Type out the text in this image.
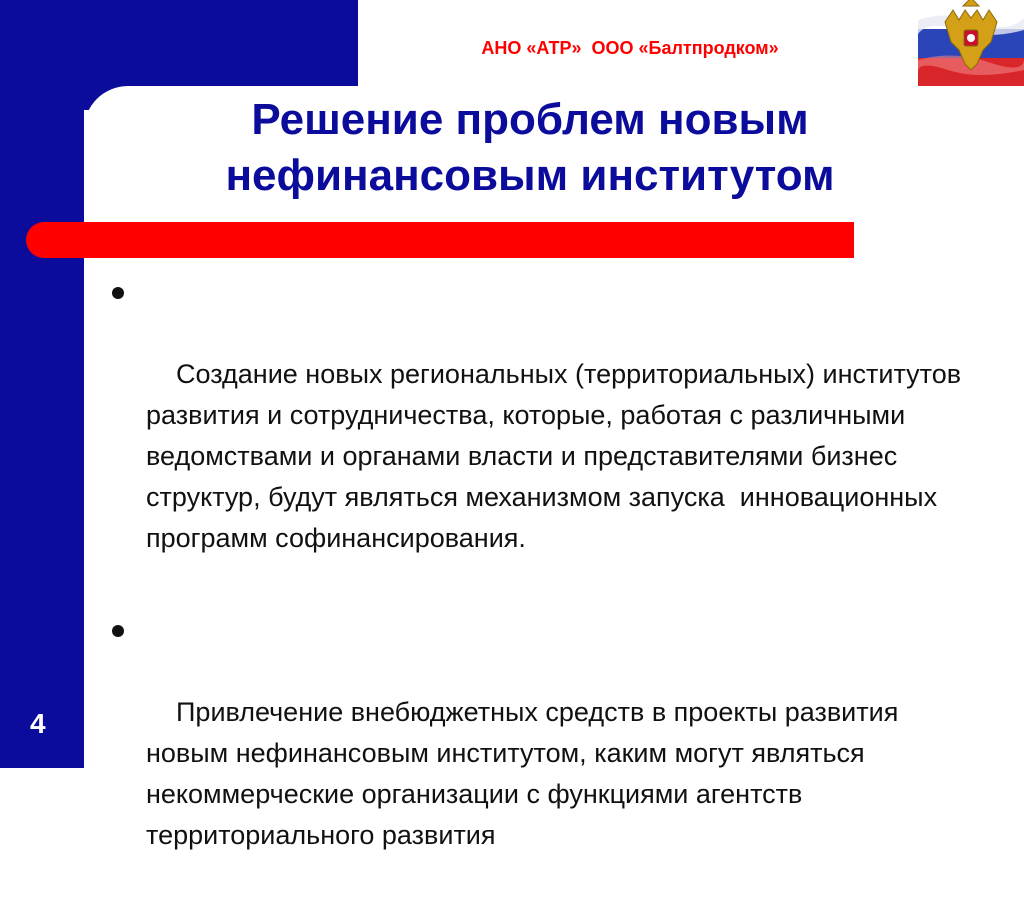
АНО «АТР»  ООО «Балтпродком»
Решение проблем новым
нефинансовым институтом

Создание новых региональных (территориальных) институтов развития и сотрудничества, которые, работая с различными ведомствами и органами власти и представителями бизнес структур, будут являться механизмом запуска  инновационных программ софинансирования.

Привлечение внебюджетных средств в проекты развития новым нефинансовым институтом, каким могут являться  некоммерческие организации с функциями агентств территориального развития

4
